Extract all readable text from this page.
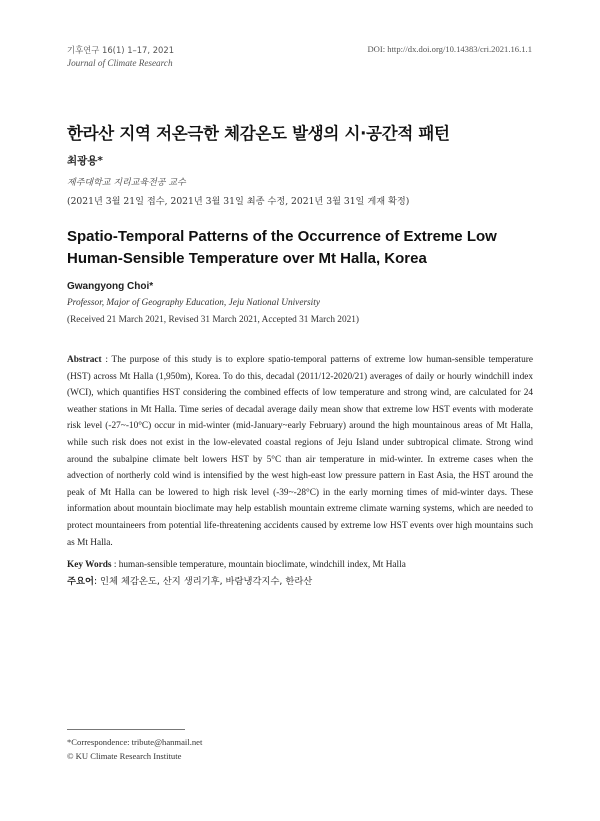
기후연구 16(1) 1–17, 2021
Journal of Climate Research
DOI: http://dx.doi.org/10.14383/cri.2021.16.1.1
한라산 지역 저온극한 체감온도 발생의 시·공간적 패턴
최광용*
제주대학교 지리교육전공 교수
(2021년 3월 21일 접수, 2021년 3월 31일 최종 수정, 2021년 3월 31일 게재 확정)
Spatio-Temporal Patterns of the Occurrence of Extreme Low Human-Sensible Temperature over Mt Halla, Korea
Gwangyong Choi*
Professor, Major of Geography Education, Jeju National University
(Received 21 March 2021, Revised 31 March 2021, Accepted 31 March 2021)
Abstract : The purpose of this study is to explore spatio-temporal patterns of extreme low human-sensible temperature (HST) across Mt Halla (1,950m), Korea. To do this, decadal (2011/12-2020/21) averages of daily or hourly windchill index (WCI), which quantifies HST considering the combined effects of low temperature and strong wind, are calculated for 24 weather stations in Mt Halla. Time series of decadal average daily mean show that extreme low HST events with moderate risk level (-27~-10°C) occur in mid-winter (mid-January~early February) around the high mountainous areas of Mt Halla, while such risk does not exist in the low-elevated coastal regions of Jeju Island under subtropical climate. Strong wind around the subalpine climate belt lowers HST by 5°C than air temperature in mid-winter. In extreme cases when the advection of northerly cold wind is intensified by the west high-east low pressure pattern in East Asia, the HST around the peak of Mt Halla can be lowered to high risk level (-39~-28°C) in the early morning times of mid-winter days. These information about mountain bioclimate may help establish mountain extreme climate warning systems, which are needed to protect mountaineers from potential life-threatening accidents caused by extreme low HST events over high mountains such as Mt Halla.
Key Words : human-sensible temperature, mountain bioclimate, windchill index, Mt Halla
주요어: 인체 체감온도, 산지 생리기후, 바람냉각지수, 한라산
*Correspondence: tribute@hanmail.net
© KU Climate Research Institute
